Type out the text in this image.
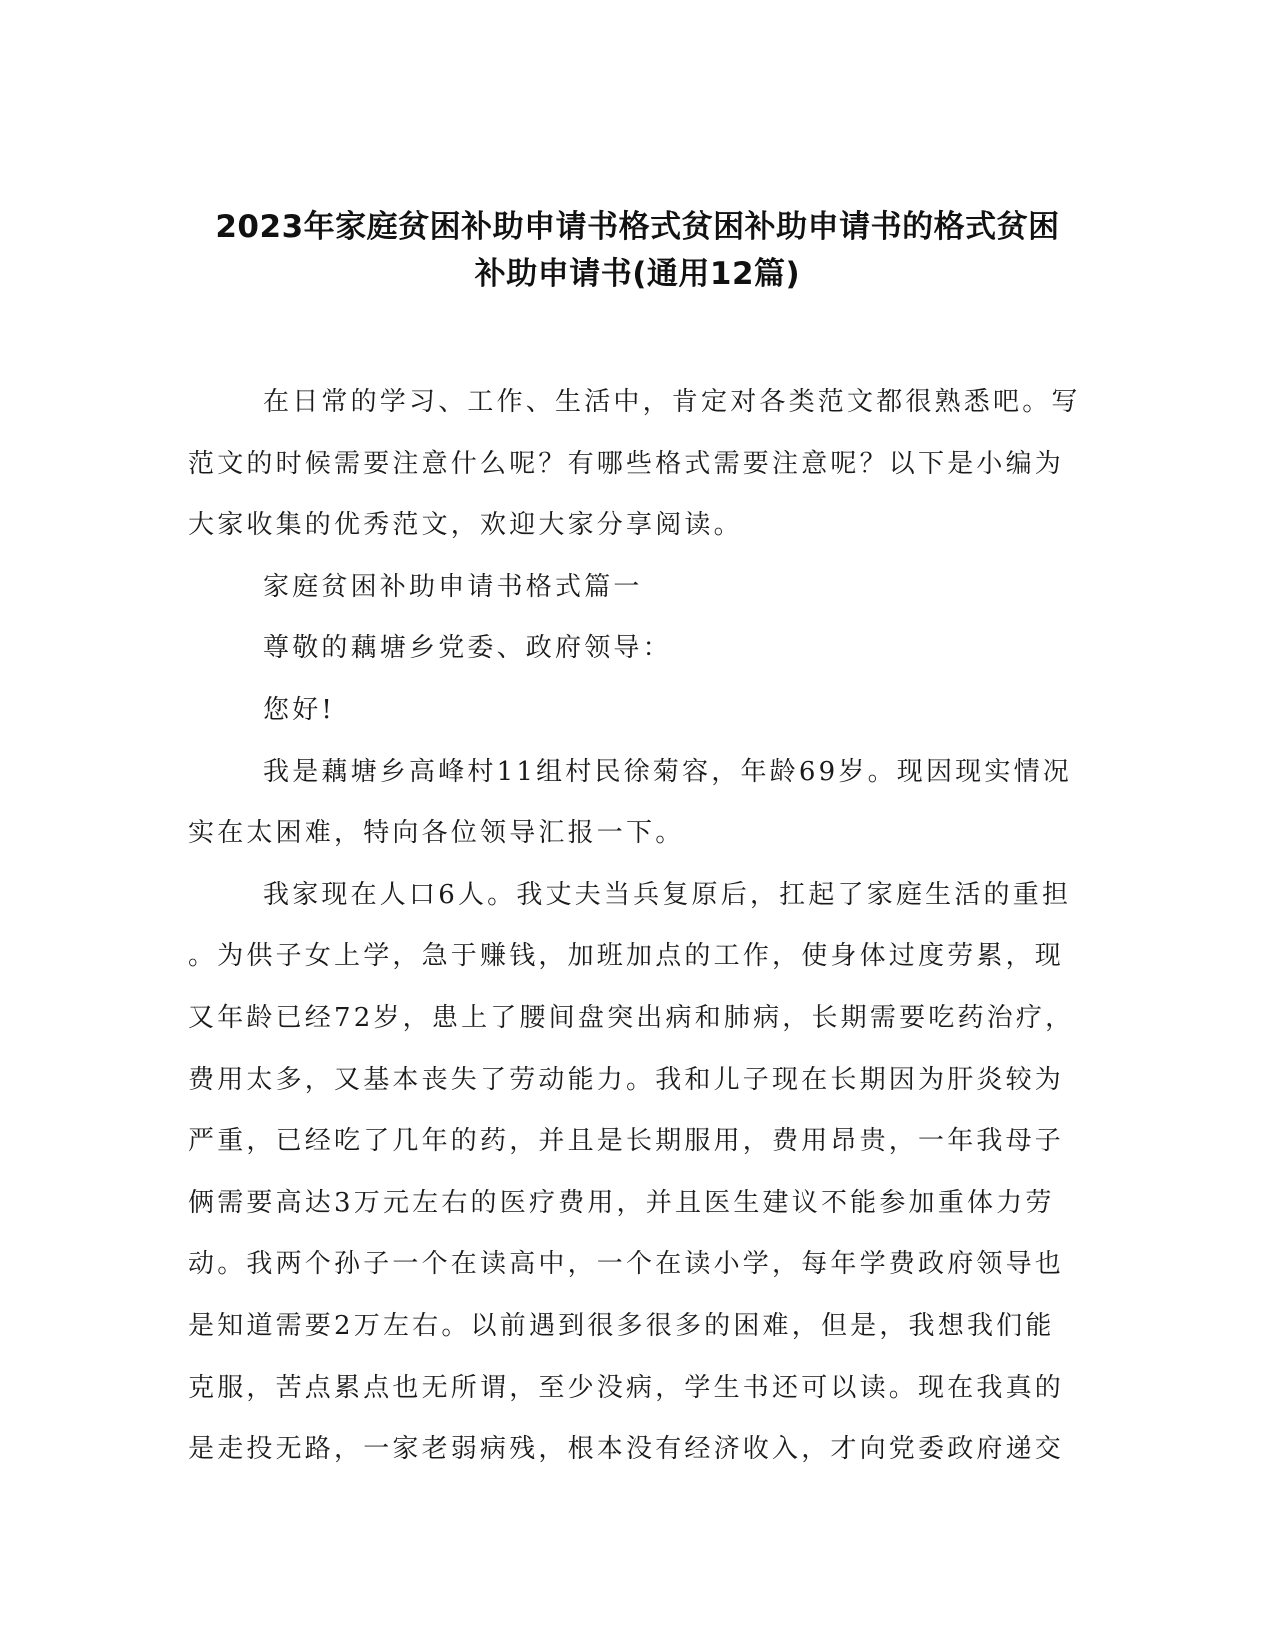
2023年家庭贫困补助申请书格式贫困补助申请书的格式贫困
补助申请书(通用12篇)

在日常的学习、工作、生活中，肯定对各类范文都很熟悉吧。写
范文的时候需要注意什么呢？有哪些格式需要注意呢？以下是小编为
大家收集的优秀范文，欢迎大家分享阅读。

家庭贫困补助申请书格式篇一

尊敬的藕塘乡党委、政府领导：

您好!

我是藕塘乡高峰村11组村民徐菊容，年龄69岁。现因现实情况
实在太困难，特向各位领导汇报一下。

我家现在人口6人。我丈夫当兵复原后，扛起了家庭生活的重担
。为供子女上学，急于赚钱，加班加点的工作，使身体过度劳累，现
又年龄已经72岁，患上了腰间盘突出病和肺病，长期需要吃药治疗，
费用太多，又基本丧失了劳动能力。我和儿子现在长期因为肝炎较为
严重，已经吃了几年的药，并且是长期服用，费用昂贵，一年我母子
俩需要高达3万元左右的医疗费用，并且医生建议不能参加重体力劳
动。我两个孙子一个在读高中，一个在读小学，每年学费政府领导也
是知道需要2万左右。以前遇到很多很多的困难，但是，我想我们能
克服，苦点累点也无所谓，至少没病，学生书还可以读。现在我真的
是走投无路，一家老弱病残，根本没有经济收入，才向党委政府递交
